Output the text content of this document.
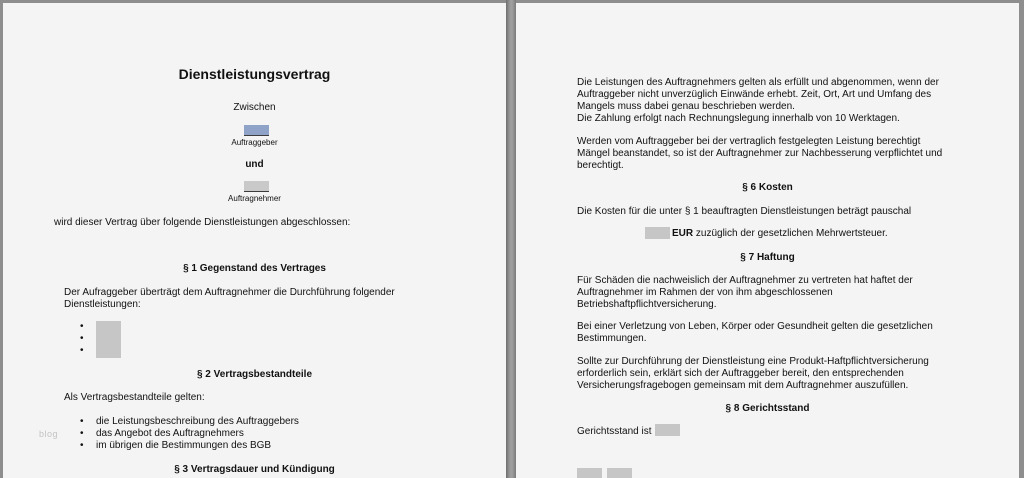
Dienstleistungsvertrag
Zwischen
Auftraggeber
und
Auftragnehmer
wird dieser Vertrag über folgende Dienstleistungen abgeschlossen:
§ 1 Gegenstand des Vertrages
Der Aufraggeber überträgt dem Auftragnehmer die Durchführung folgender
Dienstleistungen:
•
•
•
§ 2 Vertragsbestandteile
Als Vertragsbestandteile gelten:
• die Leistungsbeschreibung des Auftraggebers
• das Angebot des Auftragnehmers
• im übrigen die Bestimmungen des BGB
blog
§ 3 Vertragsdauer und Kündigung
Die Leistungen des Auftragnehmers gelten als erfüllt und abgenommen, wenn der
Auftraggeber nicht unverzüglich Einwände erhebt. Zeit, Ort, Art und Umfang des
Mangels muss dabei genau beschrieben werden.
Die Zahlung erfolgt nach Rechnungslegung innerhalb von 10 Werktagen.
Werden vom Auftraggeber bei der vertraglich festgelegten Leistung berechtigt
Mängel beanstandet, so ist der Auftragnehmer zur Nachbesserung verpflichtet und
berechtigt.
§ 6 Kosten
Die Kosten für die unter § 1 beauftragten Dienstleistungen beträgt pauschal
EUR zuzüglich der gesetzlichen Mehrwertsteuer.
§ 7 Haftung
Für Schäden die nachweislich der Auftragnehmer zu vertreten hat haftet der
Auftragnehmer im Rahmen der von ihm abgeschlossenen
Betriebshaftpflichtversicherung.
Bei einer Verletzung von Leben, Körper oder Gesundheit gelten die gesetzlichen
Bestimmungen.
Sollte zur Durchführung der Dienstleistung eine Produkt-Haftpflichtversicherung
erforderlich sein, erklärt sich der Auftraggeber bereit, den entsprechenden
Versicherungsfragebogen gemeinsam mit dem Auftragnehmer auszufüllen.
§ 8 Gerichtsstand
Gerichtsstand ist
